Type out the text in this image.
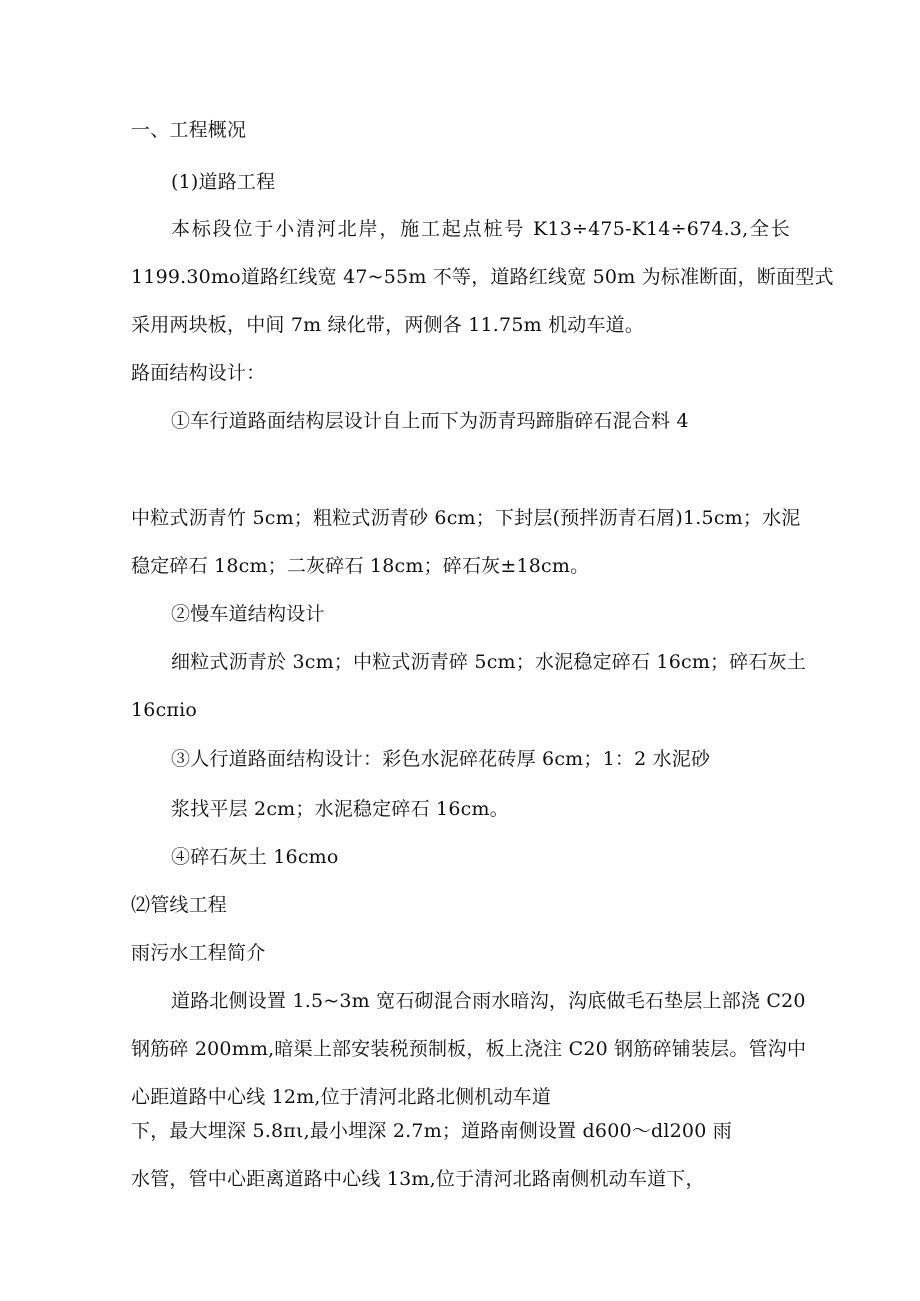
一、工程概况
(1)道路工程
本标段位于小清河北岸，施工起点桩号 K13÷475-K14÷674.3,全长
1199.30mo道路红线宽 47~55m 不等，道路红线宽 50m 为标准断面，断面型式
采用两块板，中间 7m 绿化带，两侧各 11.75m 机动车道。
路面结构设计：
①车行道路面结构层设计自上而下为沥青玛蹄脂碎石混合料 4
中粒式沥青竹 5cm；粗粒式沥青砂 6cm；下封层(预拌沥青石屑)1.5cm；水泥
稳定碎石 18cm；二灰碎石 18cm；碎石灰±18cm。
②慢车道结构设计
细粒式沥青於 3cm；中粒式沥青碎 5cm；水泥稳定碎石 16cm；碎石灰土
16cπio
③人行道路面结构设计：彩色水泥碎花砖厚 6cm；1：2 水泥砂
浆找平层 2cm；水泥稳定碎石 16cm。
④碎石灰土 16cmo
⑵管线工程
雨污水工程简介
道路北侧设置 1.5~3m 宽石砌混合雨水暗沟，沟底做毛石垫层上部浇 C20
钢筋碎 200mm,暗渠上部安装税预制板，板上浇注 C20 钢筋碎铺装层。管沟中
心距道路中心线 12m,位于清河北路北侧机动车道
下，最大埋深 5.8πι,最小埋深 2.7m；道路南侧设置 d600～dl200 雨
水管，管中心距离道路中心线 13m,位于清河北路南侧机动车道下，
